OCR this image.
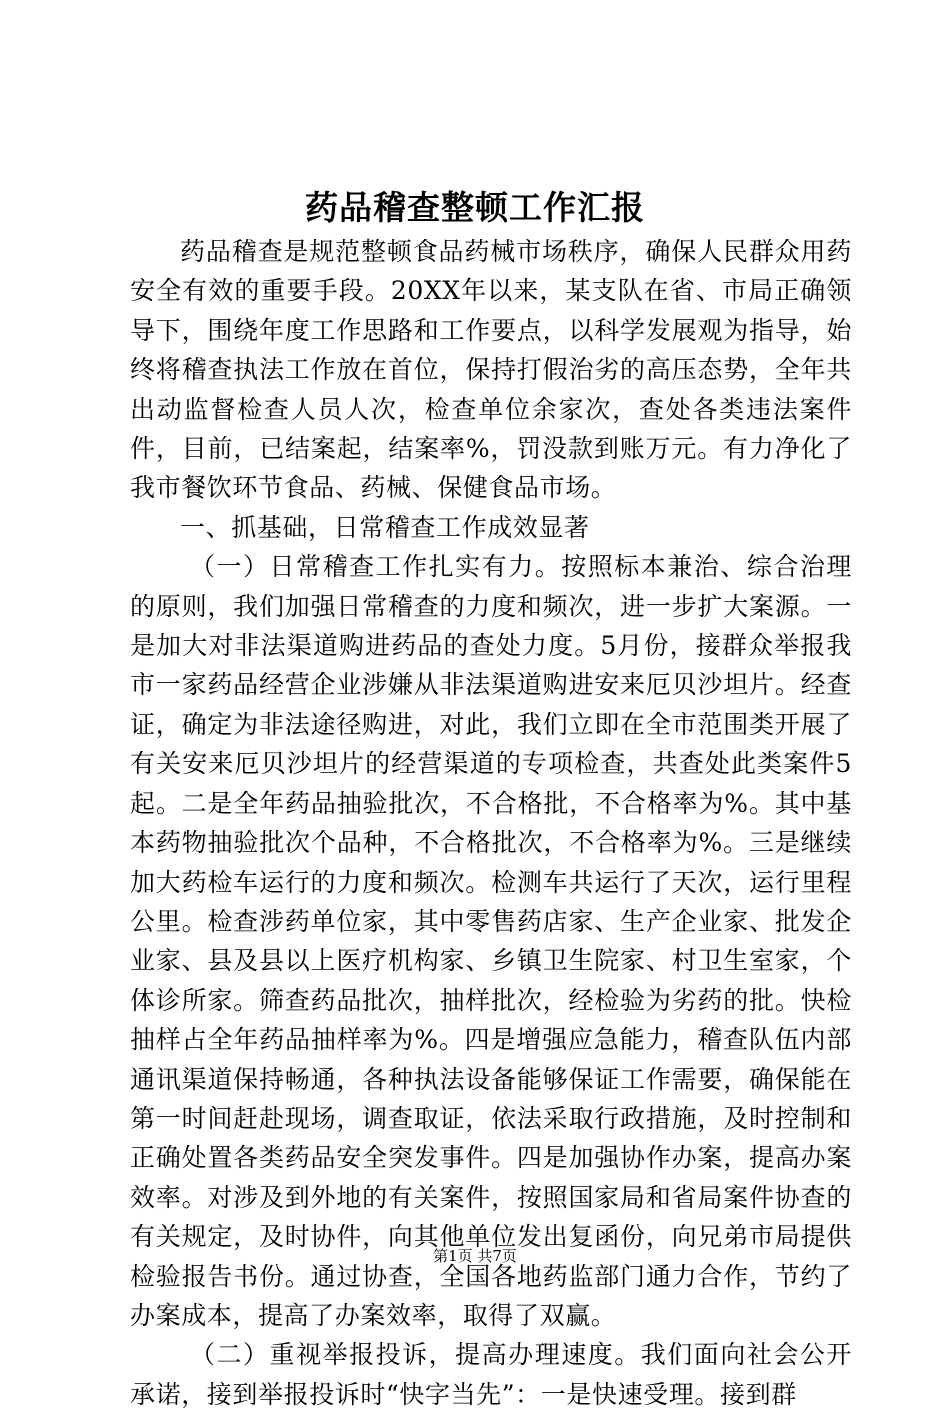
药品稽查整顿工作汇报

药品稽查是规范整顿食品药械市场秩序，确保人民群众用药安全有效的重要手段。20XX年以来，某支队在省、市局正确领导下，围绕年度工作思路和工作要点，以科学发展观为指导，始终将稽查执法工作放在首位，保持打假治劣的高压态势，全年共出动监督检查人员人次，检查单位余家次，查处各类违法案件件，目前，已结案起，结案率%，罚没款到账万元。有力净化了我市餐饮环节食品、药械、保健食品市场。

一、抓基础，日常稽查工作成效显著

（一）日常稽查工作扎实有力。按照标本兼治、综合治理的原则，我们加强日常稽查的力度和频次，进一步扩大案源。一是加大对非法渠道购进药品的查处力度。5月份，接群众举报我市一家药品经营企业涉嫌从非法渠道购进安来厄贝沙坦片。经查证，确定为非法途径购进，对此，我们立即在全市范围类开展了有关安来厄贝沙坦片的经营渠道的专项检查，共查处此类案件5起。二是全年药品抽验批次，不合格批，不合格率为%。其中基本药物抽验批次个品种，不合格批次，不合格率为%。三是继续加大药检车运行的力度和频次。检测车共运行了天次，运行里程公里。检查涉药单位家，其中零售药店家、生产企业家、批发企业家、县及县以上医疗机构家、乡镇卫生院家、村卫生室家，个体诊所家。筛查药品批次，抽样批次，经检验为劣药的批。快检抽样占全年药品抽样率为%。四是增强应急能力，稽查队伍内部通讯渠道保持畅通，各种执法设备能够保证工作需要，确保能在第一时间赶赴现场，调查取证，依法采取行政措施，及时控制和正确处置各类药品安全突发事件。四是加强协作办案，提高办案效率。对涉及到外地的有关案件，按照国家局和省局案件协查的有关规定，及时协件，向其他单位发出复函份，向兄弟市局提供检验报告书份。通过协查，全国各地药监部门通力合作，节约了办案成本，提高了办案效率，取得了双赢。

（二）重视举报投诉，提高办理速度。我们面向社会公开承诺，接到举报投诉时“快字当先”：一是快速受理。接到群

第1页 共7页
